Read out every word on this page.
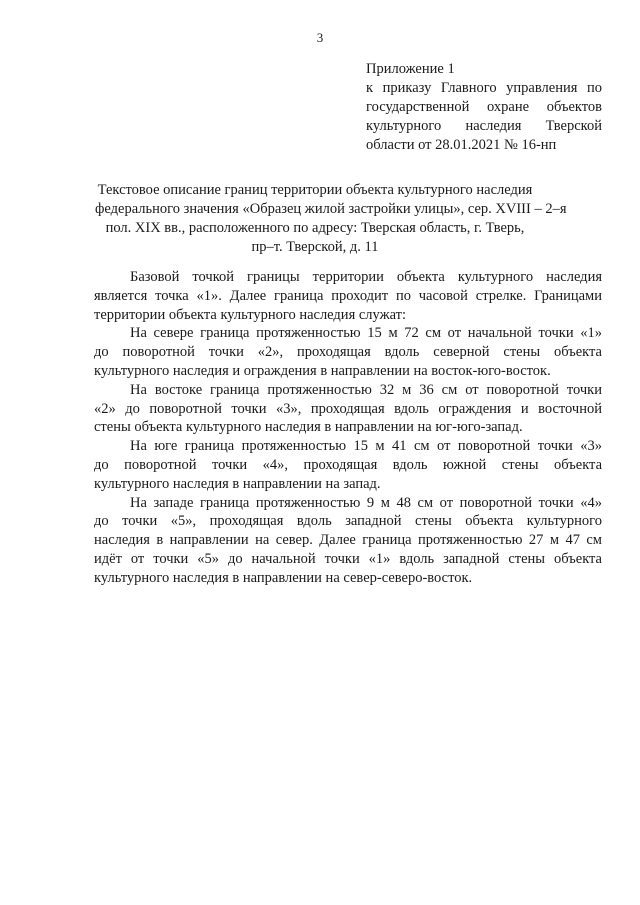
3
Приложение 1
к приказу Главного управления по
государственной охране объектов
культурного наследия Тверской
области от 28.01.2021 № 16-нп
Текстовое описание границ территории объекта культурного наследия
федерального значения «Образец жилой застройки улицы», сер. XVIII – 2–я
пол. XIX вв., расположенного по адресу: Тверская область, г. Тверь,
пр–т. Тверской, д. 11
Базовой точкой границы территории объекта культурного наследия
является точка «1». Далее граница проходит по часовой стрелке. Границами
территории объекта культурного наследия служат:
На севере граница протяженностью 15 м 72 см от начальной точки «1»
до поворотной точки «2», проходящая вдоль северной стены объекта
культурного наследия и ограждения в направлении на восток-юго-восток.
На востоке граница протяженностью 32 м 36 см от поворотной точки
«2» до поворотной точки «3», проходящая вдоль ограждения и восточной
стены объекта культурного наследия в направлении на юг-юго-запад.
На юге граница протяженностью 15 м 41 см от поворотной точки «3»
до поворотной точки «4», проходящая вдоль южной стены объекта
культурного наследия в направлении на запад.
На западе граница протяженностью 9 м 48 см от поворотной точки «4»
до точки «5», проходящая вдоль западной стены объекта культурного
наследия в направлении на север. Далее граница протяженностью 27 м 47 см
идёт от точки «5» до начальной точки «1» вдоль западной стены объекта
культурного наследия в направлении на север-северо-восток.
